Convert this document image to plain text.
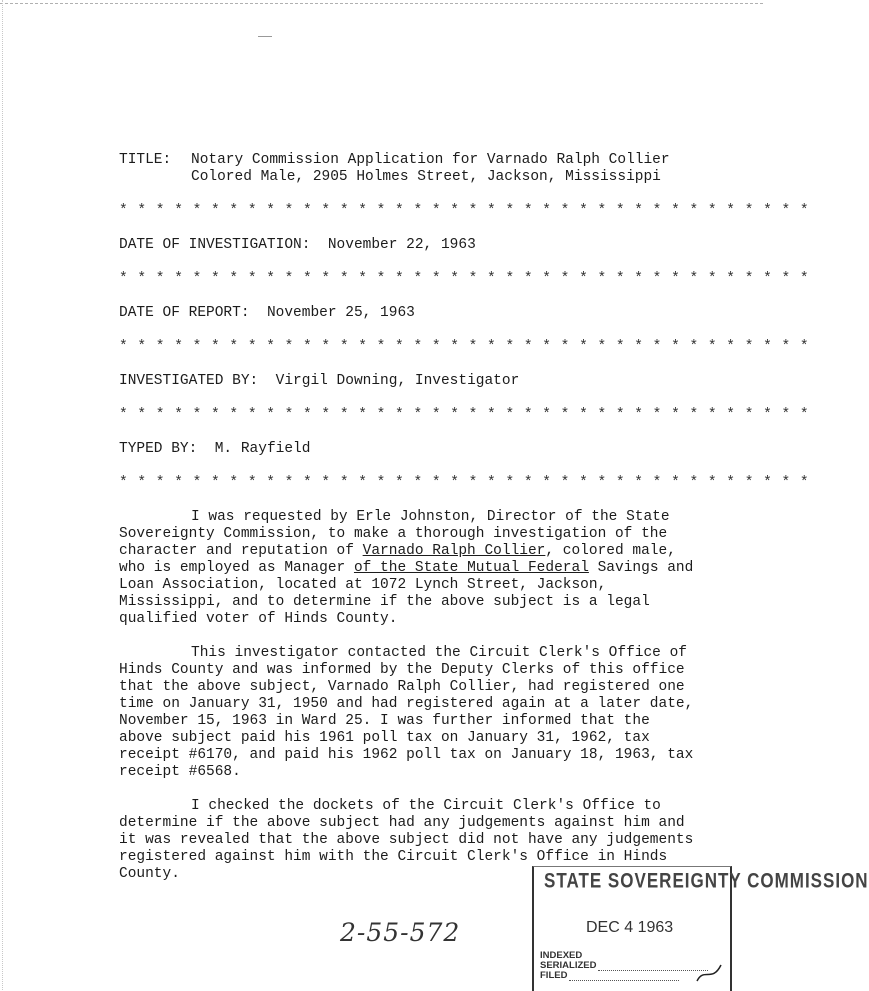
TITLE:	Notary Commission Application for Varnado Ralph Collier
Colored Male, 2905 Holmes Street, Jackson, Mississippi
* * * * * * * * * * * * * * * * * * * * * * * * * * * * * * * * * * * * * *
DATE OF INVESTIGATION: November 22, 1963
* * * * * * * * * * * * * * * * * * * * * * * * * * * * * * * * * * * * * *
DATE OF REPORT: November 25, 1963
* * * * * * * * * * * * * * * * * * * * * * * * * * * * * * * * * * * * * *
INVESTIGATED BY: Virgil Downing, Investigator
* * * * * * * * * * * * * * * * * * * * * * * * * * * * * * * * * * * * * *
TYPED BY: M. Rayfield
* * * * * * * * * * * * * * * * * * * * * * * * * * * * * * * * * * * * * *

I was requested by Erle Johnston, Director of the State Sovereignty Commission, to make a thorough investigation of the character and reputation of Varnado Ralph Collier, colored male, who is employed as Manager of the State Mutual Federal Savings and Loan Association, located at 1072 Lynch Street, Jackson, Mississippi, and to determine if the above subject is a legal qualified voter of Hinds County.

This investigator contacted the Circuit Clerk's Office of Hinds County and was informed by the Deputy Clerks of this office that the above subject, Varnado Ralph Collier, had registered one time on January 31, 1950 and had registered again at a later date, November 15, 1963 in Ward 25. I was further informed that the above subject paid his 1961 poll tax on January 31, 1962, tax receipt #6170, and paid his 1962 poll tax on January 18, 1963, tax receipt #6568.

I checked the dockets of the Circuit Clerk's Office to determine if the above subject had any judgements against him and it was revealed that the above subject did not have any judgements registered against him with the Circuit Clerk's Office in Hinds County.

2-55-572
STATE SOVEREIGNTY COMMISSION
DEC 4 1963
INDEXED
SERIALIZED
FILED
